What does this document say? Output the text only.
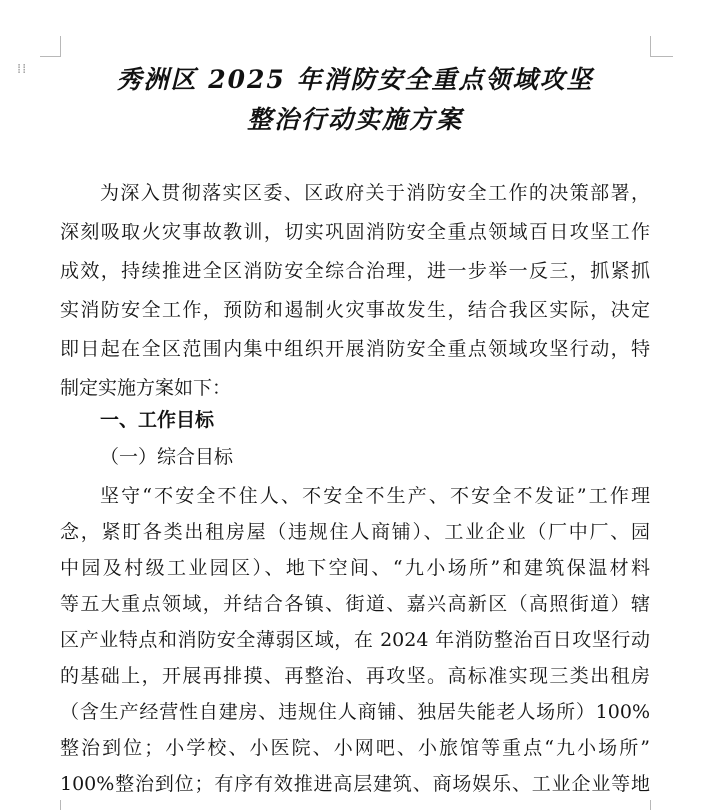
⁞⁞	秀洲区 2025 年消防安全重点领域攻坚
整治行动实施方案
为深入贯彻落实区委、区政府关于消防安全工作的决策部署，
深刻吸取火灾事故教训，切实巩固消防安全重点领域百日攻坚工作
成效，持续推进全区消防安全综合治理，进一步举一反三，抓紧抓
实消防安全工作，预防和遏制火灾事故发生，结合我区实际，决定
即日起在全区范围内集中组织开展消防安全重点领域攻坚行动，特
制定实施方案如下：
一、工作目标
（一）综合目标
坚守“不安全不住人、不安全不生产、不安全不发证”工作理
念，紧盯各类出租房屋（违规住人商铺）、工业企业（厂中厂、园
中园及村级工业园区）、地下空间、“九小场所”和建筑保温材料
等五大重点领域，并结合各镇、街道、嘉兴高新区（高照街道）辖
区产业特点和消防安全薄弱区域，在 2024 年消防整治百日攻坚行动
的基础上，开展再排摸、再整治、再攻坚。高标准实现三类出租房
（含生产经营性自建房、违规住人商铺、独居失能老人场所）100%
整治到位；小学校、小医院、小网吧、小旅馆等重点“九小场所”
100%整治到位；有序有效推进高层建筑、商场娱乐、工业企业等地
